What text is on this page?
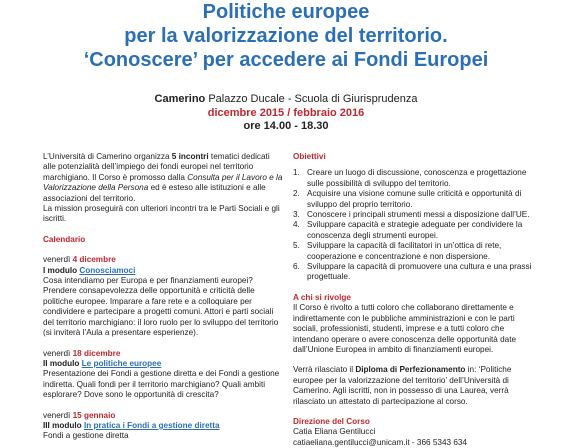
Politiche europee
per la valorizzazione del territorio.
‘Conoscere’ per accedere ai Fondi Europei
Camerino Palazzo Ducale - Scuola di Giurisprudenza
dicembre 2015 / febbraio 2016
ore 14.00 - 18.30
L’Università di Camerino organizza 5 incontri tematici dedicati alle potenzialità dell’impiego dei fondi europei nel territorio marchigiano. Il Corso è promosso dalla Consulta per il Lavoro e la Valorizzazione della Persona ed è esteso alle istituzioni e alle associazioni del territorio.
La mission proseguirà con ulteriori incontri tra le Parti Sociali e gli iscritti.
Calendario
venerdì 4 dicembre
I modulo Conosciamoci
Cosa intendiamo per Europa e per finanziamenti europei? Prendere consapevolezza delle opportunità e criticità delle politiche europee. Imparare a fare rete e a colloquiare per condividere e partecipare a progetti comuni. Attori e parti sociali del territorio marchigiano: il loro ruolo per lo sviluppo del territorio (si inviterà l’Aula a presentare esperienze).
venerdì 18 dicembre
II modulo Le politiche europee
Presentazione dei Fondi a gestione diretta e dei Fondi a gestione indiretta. Quali fondi per il territorio marchigiano? Quali ambiti esplorare? Dove sono le opportunità di crescita?
venerdì 15 gennaio
III modulo In pratica i Fondi a gestione diretta
Fondi a gestione diretta
Obiettivi
1. Creare un luogo di discussione, conoscenza e progettazione sulle possibilità di sviluppo del territorio.
2. Acquisire una visione comune sulle criticità e opportunità di sviluppo del proprio territorio.
3. Conoscere i principali strumenti messi a disposizione dall’UE.
4. Sviluppare capacità e strategie adeguate per condividere la conoscenza degli strumenti europei.
5. Sviluppare la capacità di facilitatori in un’ottica di rete, cooperazione e concentrazione e non dispersione.
6. Sviluppare la capacità di promuovere una cultura e una prassi progettuale.
A chi si rivolge
Il Corso è rivolto a tutti coloro che collaborano direttamente e indirettamente con le pubbliche amministrazioni e con le parti sociali, professionisti, studenti, imprese e a tutti coloro che intendano operare o avere conoscenza delle opportunità date dall’Unione Europea in ambito di finanziamenti europei.
Verrà rilasciato il Diploma di Perfezionamento in: ‘Politiche europee per la valorizzazione del territorio’ dell’Università di Camerino. Agli iscritti, non in possesso di una Laurea, verrà rilasciato un attestato di partecipazione al corso.
Direzione del Corso
Catia Eliana Gentilucci
catiaeliana.gentilucci@unicam.it - 366 5343 634
